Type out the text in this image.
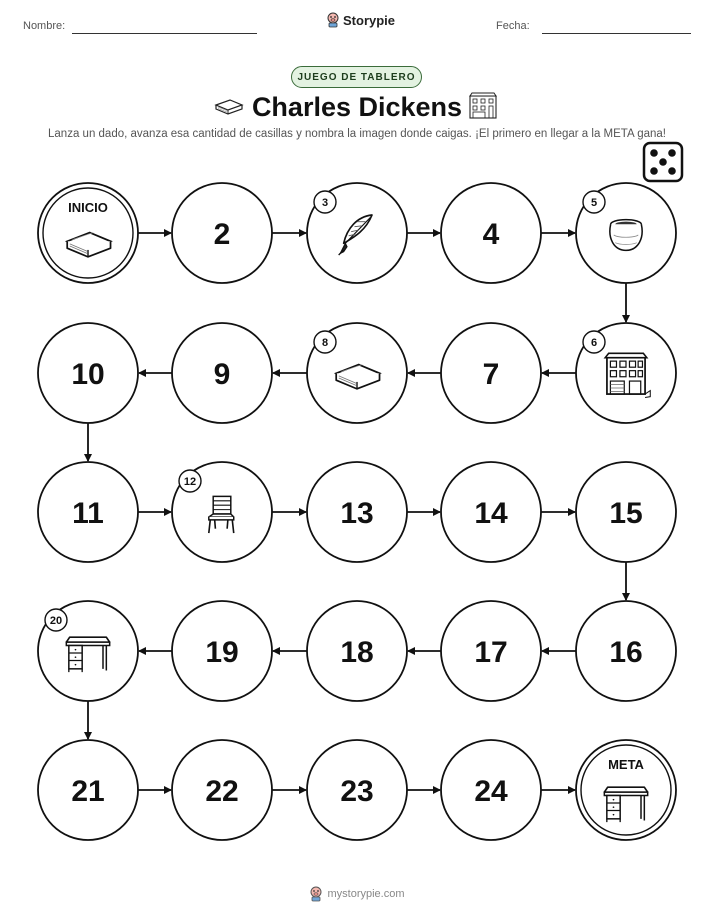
Nombre:	Storypie	Fecha:
JUEGO DE TABLERO
Charles Dickens
Lanza un dado, avanza esa cantidad de casillas y nombra la imagen donde caigas. ¡El primero en llegar a la META gana!
INICIO
2
3
4
5
6
7
8
9
10
11
12
13	14	15
16
17
18
19
20
21	22	23	24
META
mystorypie.com
